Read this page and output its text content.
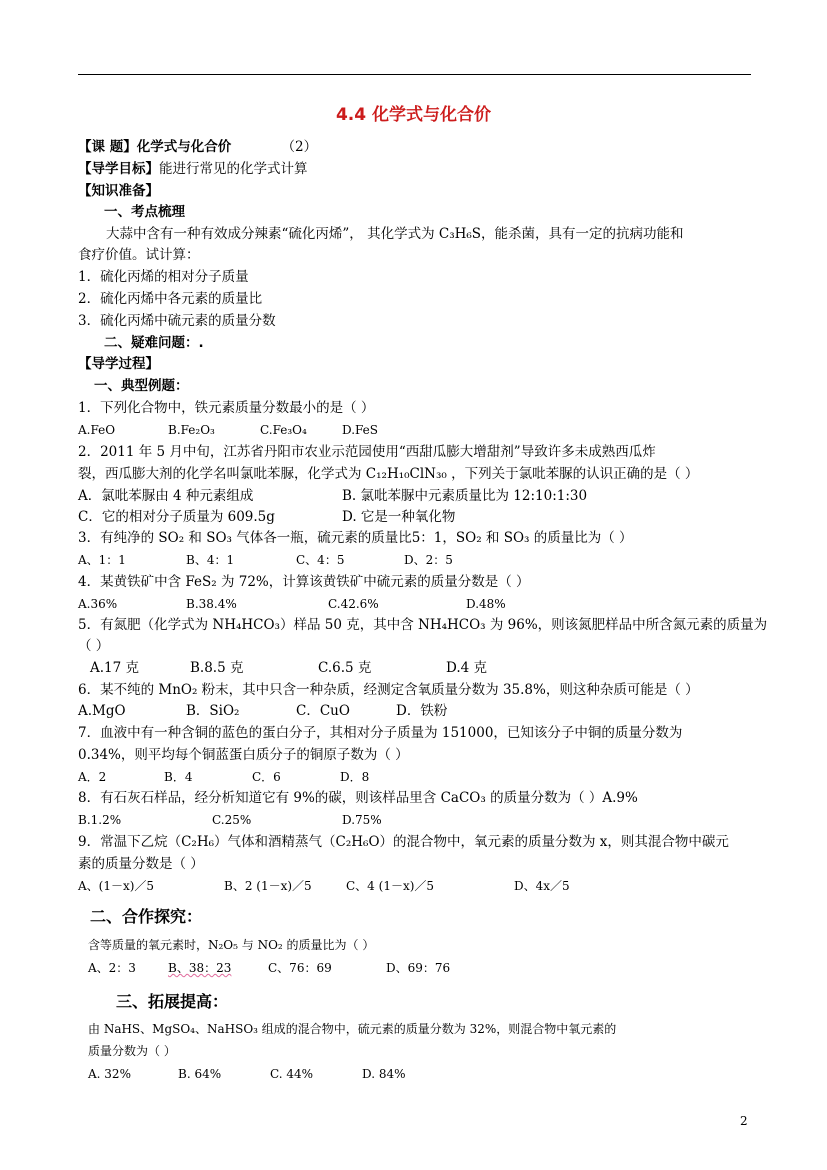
4.4 化学式与化合价
【课 题】化学式与化合价	（2）
【导学目标】能进行常见的化学式计算
【知识准备】
一、考点梳理
大蒜中含有一种有效成分辣素“硫化丙烯”， 其化学式为 C₃H₆S，能杀菌，具有一定的抗病功能和
食疗价值。试计算：
1．硫化丙烯的相对分子质量
2．硫化丙烯中各元素的质量比
3．硫化丙烯中硫元素的质量分数
二、疑难问题：.
【导学过程】
一、典型例题：
1．下列化合物中，铁元素质量分数最小的是（ ）
A.FeO	B.Fe₂O₃	C.Fe₃O₄	D.FeS
2．2011 年 5 月中旬，江苏省丹阳市农业示范园使用“西甜瓜膨大增甜剂”导致许多未成熟西瓜炸
裂，西瓜膨大剂的化学名叫氯吡苯脲，化学式为 C₁₂H₁₀ClN₃₀ ，下列关于氯吡苯脲的认识正确的是（ ）
A．氯吡苯脲由 4 种元素组成	B. 氯吡苯脲中元素质量比为 12:10:1:30
C．它的相对分子质量为 609.5g	D. 它是一种氧化物
3．有纯净的 SO₂ 和 SO₃ 气体各一瓶，硫元素的质量比5：1，SO₂ 和 SO₃ 的质量比为（ ）
A、1：1	B、4：1	C、4：5	D、2：5
4．某黄铁矿中含 FeS₂ 为 72%，计算该黄铁矿中硫元素的质量分数是（ ）
A.36%	B.38.4%	C.42.6%	D.48%
5．有氮肥（化学式为 NH₄HCO₃）样品 50 克，其中含 NH₄HCO₃ 为 96%，则该氮肥样品中所含氮元素的质量为
（ ）
A.17 克	B.8.5 克	C.6.5 克	D.4 克
6．某不纯的 MnO₂ 粉末，其中只含一种杂质，经测定含氧质量分数为 35.8%，则这种杂质可能是（ ）
A.MgO	B．SiO₂	C．CuO	D．铁粉
7．血液中有一种含铜的蓝色的蛋白分子，其相对分子质量为 151000，已知该分子中铜的质量分数为
0.34%，则平均每个铜蓝蛋白质分子的铜原子数为（ ）
A．2	B．4	C．6	D．8
8．有石灰石样品，经分析知道它有 9%的碳，则该样品里含 CaCO₃ 的质量分数为（ ）A.9%
B.1.2%	C.25%	D.75%
9．常温下乙烷（C₂H₆）气体和酒精蒸气（C₂H₆O）的混合物中，氧元素的质量分数为 x，则其混合物中碳元
素的质量分数是（ ）
A、(1－x)／5	B、2 (1－x)／5	C、4 (1－x)／5	D、4x／5
二、合作探究：
含等质量的氧元素时，N₂O₅ 与 NO₂ 的质量比为（ ）
A、2：3	B、38：23	C、76：69	D、69：76
三、拓展提高：
由 NaHS、MgSO₄、NaHSO₃ 组成的混合物中，硫元素的质量分数为 32%，则混合物中氧元素的
质量分数为（ ）
A. 32%	B. 64%	C. 44%	D. 84%
2
